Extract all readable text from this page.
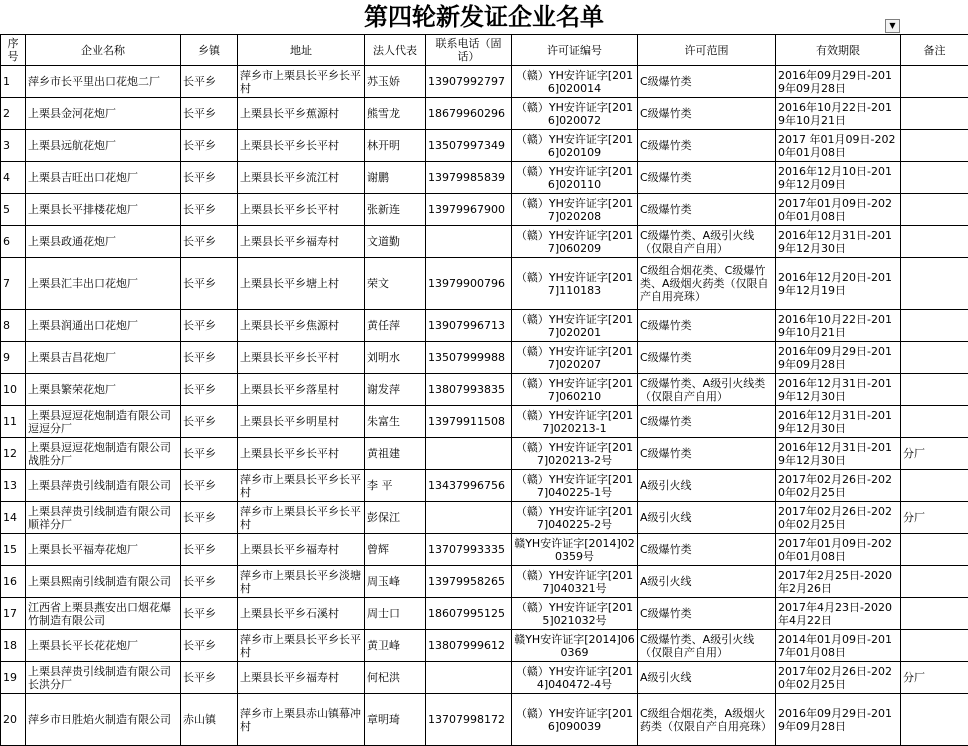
第四轮新发证企业名单	▼
序号	企业名称	乡镇	地址	法人代表	联系电话（固话）	许可证编号	许可范围	有效期限	备注
1	萍乡市长平里出口花炮二厂	长平乡	萍乡市上栗县长平乡长平村	苏玉娇	13907992797	（赣）YH安许证字[2016]020014	C级爆竹类	2016年09月29日-2019年09月28日	
2	上栗县金河花炮厂	长平乡	上栗县长平乡蕉源村	熊雪龙	18679960296	（赣）YH安许证字[2016]020072	C级爆竹类	2016年10月22日-2019年10月21日	
3	上栗县远航花炮厂	长平乡	上栗县长平乡长平村	林开明	13507997349	（赣）YH安许证字[2016]020109	C级爆竹类	2017 年01月09日-2020年01月08日	
4	上栗县吉旺出口花炮厂	长平乡	上栗县长平乡流江村	谢鹏	13979985839	（赣）YH安许证字[2016]020110	C级爆竹类	2016年12月10日-2019年12月09日	
5	上栗县长平排楼花炮厂	长平乡	上栗县长平乡长平村	张新连	13979967900	（赣）YH安许证字[2017]020208	C级爆竹类	2017年01月09日-2020年01月08日	
6	上栗县政通花炮厂	长平乡	上栗县长平乡福寿村	文道勤		（赣）YH安许证字[2017]060209	C级爆竹类、A级引火线（仅限自产自用）	2016年12月31日-2019年12月30日	
7	上栗县汇丰出口花炮厂	长平乡	上栗县长平乡塘上村	荣文	13979900796	（赣）YH安许证字[2017]110183	C级组合烟花类、C级爆竹类、A级烟火药类（仅限自产自用亮珠）	2016年12月20日-2019年12月19日	
8	上栗县润通出口花炮厂	长平乡	上栗县长平乡焦源村	黄任萍	13907996713	（赣）YH安许证字[2017]020201	C级爆竹类	2016年10月22日-2019年10月21日	
9	上栗县吉昌花炮厂	长平乡	上栗县长平乡长平村	刘明水	13507999988	（赣）YH安许证字[2017]020207	C级爆竹类	2016年09月29日-2019年09月28日	
10	上栗县繁荣花炮厂	长平乡	上栗县长平乡落星村	谢发萍	13807993835	（赣）YH安许证字[2017]060210	C级爆竹类、A级引火线类（仅限自产自用）	2016年12月31日-2019年12月30日	
11	上栗县逗逗花炮制造有限公司逗逗分厂	长平乡	上栗县长平乡明星村	朱富生	13979911508	（赣）YH安许证字[2017]020213-1	C级爆竹类	2016年12月31日-2019年12月30日	
12	上栗县逗逗花炮制造有限公司战胜分厂	长平乡	上栗县长平乡长平村	黄祖建		（赣）YH安许证字[2017]020213-2号	C级爆竹类	2016年12月31日-2019年12月30日	分厂
13	上栗县萍贵引线制造有限公司	长平乡	萍乡市上栗县长平乡长平村	李 平	13437996756	（赣）YH安许证字[2017]040225-1号	A级引火线	2017年02月26日-2020年02月25日	
14	上栗县萍贵引线制造有限公司顺祥分厂	长平乡	萍乡市上栗县长平乡长平村	彭保江		（赣）YH安许证字[2017]040225-2号	A级引火线	2017年02月26日-2020年02月25日	分厂
15	上栗县长平福寿花炮厂	长平乡	上栗县长平乡福寿村	曾辉	13707993335	赣YH安许证字[2014]020359号	C级爆竹类	2017年01月09日-2020年01月08日	
16	上栗县熙南引线制造有限公司	长平乡	萍乡市上栗县长平乡淡塘村	周玉峰	13979958265	（赣）YH安许证字[2017]040321号	A级引火线	2017年2月25日-2020年2月26日	
17	江西省上栗县燕安出口烟花爆竹制造有限公司	长平乡	上栗县长平乡石溪村	周士口	18607995125	（赣）YH安许证字[2015]021032号	C级爆竹类	2017年4月23日-2020年4月22日	
18	上栗县长平长花花炮厂	长平乡	萍乡市上栗县长平乡长平村	黄卫峰	13807999612	赣YH安许证字[2014]060369	C级爆竹类、A级引火线（仅限自产自用）	2014年01月09日-2017年01月08日	
19	上栗县萍贵引线制造有限公司长洪分厂	长平乡	上栗县长平乡福寿村	何杞洪		（赣）YH安许证字[2014]040472-4号	A级引火线	2017年02月26日-2020年02月25日	分厂
20	萍乡市日胜焰火制造有限公司	赤山镇	萍乡市上栗县赤山镇幕冲村	章明琦	13707998172	（赣）YH安许证字[2016]090039	C级组合烟花类，A级烟火药类（仅限自产自用亮珠）	2016年09月29日-2019年09月28日	
